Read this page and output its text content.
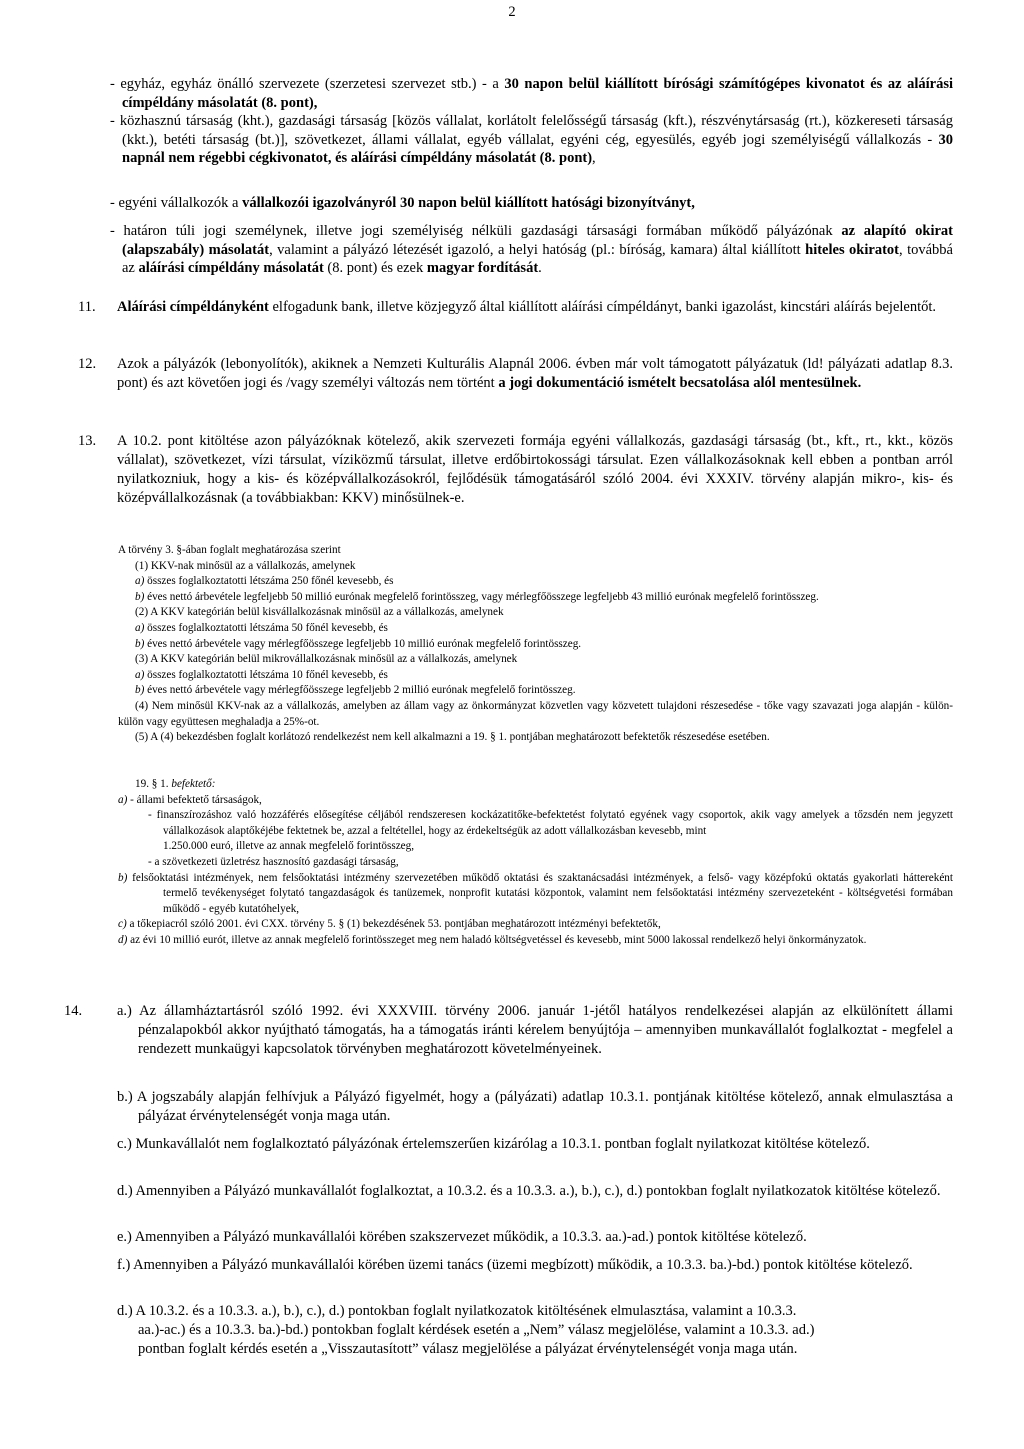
2

- egyház, egyház önálló szervezete (szerzetesi szervezet stb.) - a 30 napon belül kiállított bírósági számítógépes kivonatot és az aláírási címpéldány másolatát (8. pont),

- közhasznú társaság (kht.), gazdasági társaság [közös vállalat, korlátolt felelősségű társaság (kft.), részvénytársaság (rt.), közkereseti társaság (kkt.), betéti társaság (bt.)], szövetkezet, állami vállalat, egyéb vállalat, egyéni cég, egyesülés, egyéb jogi személyiségű vállalkozás - 30 napnál nem régebbi cégkivonatot, és aláírási címpéldány másolatát (8. pont),

- egyéni vállalkozók a vállalkozói igazolványról 30 napon belül kiállított hatósági bizonyítványt,

- határon túli jogi személynek, illetve jogi személyiség nélküli gazdasági társasági formában működő pályázónak az alapító okirat (alapszabály) másolatát, valamint a pályázó létezését igazoló, a helyi hatóság (pl.: bíróság, kamara) által kiállított hiteles okiratot, továbbá az aláírási címpéldány másolatát (8. pont) és ezek magyar fordítását.

11. Aláírási címpéldányként elfogadunk bank, illetve közjegyző által kiállított aláírási címpéldányt, banki igazolást, kincstári aláírás bejelentőt.

12. Azok a pályázók (lebonyolítók), akiknek a Nemzeti Kulturális Alapnál 2006. évben már volt támogatott pályázatuk (ld! pályázati adatlap 8.3. pont) és azt követően jogi és /vagy személyi változás nem történt a jogi dokumentáció ismételt becsatolása alól mentesülnek.

13. A 10.2. pont kitöltése azon pályázóknak kötelező, akik szervezeti formája egyéni vállalkozás, gazdasági társaság (bt., kft., rt., kkt., közös vállalat), szövetkezet, vízi társulat, víziközmű társulat, illetve erdőbirtokossági társulat. Ezen vállalkozásoknak kell ebben a pontban arról nyilatkozniuk, hogy a kis- és középvállalkozásokról, fejlődésük támogatásáról szóló 2004. évi XXXIV. törvény alapján mikro-, kis- és középvállalkozásnak (a továbbiakban: KKV) minősülnek-e.

A törvény 3. §-ában foglalt meghatározása szerint
(1) KKV-nak minősül az a vállalkozás, amelynek
a) összes foglalkoztatotti létszáma 250 főnél kevesebb, és
b) éves nettó árbevétele legfeljebb 50 millió eurónak megfelelő forintösszeg, vagy mérlegfőösszege legfeljebb 43 millió eurónak megfelelő forintösszeg.
(2) A KKV kategórián belül kisvállalkozásnak minősül az a vállalkozás, amelynek
a) összes foglalkoztatotti létszáma 50 főnél kevesebb, és
b) éves nettó árbevétele vagy mérlegfőösszege legfeljebb 10 millió eurónak megfelelő forintösszeg.
(3) A KKV kategórián belül mikrovállalkozásnak minősül az a vállalkozás, amelynek
a) összes foglalkoztatotti létszáma 10 főnél kevesebb, és
b) éves nettó árbevétele vagy mérlegfőösszege legfeljebb 2 millió eurónak megfelelő forintösszeg.
(4) Nem minősül KKV-nak az a vállalkozás, amelyben az állam vagy az önkormányzat közvetlen vagy közvetett tulajdoni részesedése - tőke vagy szavazati joga alapján - külön-külön vagy együttesen meghaladja a 25%-ot.
(5) A (4) bekezdésben foglalt korlátozó rendelkezést nem kell alkalmazni a 19. § 1. pontjában meghatározott befektetők részesedése esetében.
19. § 1. befektető:
a) - állami befektető társaságok,
- finanszírozáshoz való hozzáférés elősegítése céljából rendszeresen kockázatitőke-befektetést folytató egyének vagy csoportok, akik vagy amelyek a tőzsdén nem jegyzett vállalkozások alaptőkéjébe fektetnek be, azzal a feltétellel, hogy az érdekeltségük az adott vállalkozásban kevesebb, mint
1.250.000 euró, illetve az annak megfelelő forintösszeg,
- a szövetkezeti üzletrész hasznosító gazdasági társaság,
b) felsőoktatási intézmények, nem felsőoktatási intézmény szervezetében működő oktatási és szaktanácsadási intézmények, a felső- vagy középfokú oktatás gyakorlati háttereként termelő tevékenységet folytató tangazdaságok és tanüzemek, nonprofit kutatási központok, valamint nem felsőoktatási intézmény szervezeteként - költségvetési formában működő - egyéb kutatóhelyek,
c) a tőkepiacról szóló 2001. évi CXX. törvény 5. § (1) bekezdésének 53. pontjában meghatározott intézményi befektetők,
d) az évi 10 millió eurót, illetve az annak megfelelő forintösszeget meg nem haladó költségvetéssel és kevesebb, mint 5000 lakossal rendelkező helyi önkormányzatok.
14. a.) Az államháztartásról szóló 1992. évi XXXVIII. törvény 2006. január 1-jétől hatályos rendelkezései alapján az elkülönített állami pénzalapokból akkor nyújtható támogatás, ha a támogatás iránti kérelem benyújtója – amennyiben munkavállalót foglalkoztat - megfelel a rendezett munkaügyi kapcsolatok törvényben meghatározott követelményeinek.

b.) A jogszabály alapján felhívjuk a Pályázó figyelmét, hogy a (pályázati) adatlap 10.3.1. pontjának kitöltése kötelező, annak elmulasztása a pályázat érvénytelenségét vonja maga után.

c.) Munkavállalót nem foglalkoztató pályázónak értelemszerűen kizárólag a 10.3.1. pontban foglalt nyilatkozat kitöltése kötelező.

d.) Amennyiben a Pályázó munkavállalót foglalkoztat, a 10.3.2. és a 10.3.3. a.), b.), c.), d.) pontokban foglalt nyilatkozatok kitöltése kötelező.

e.) Amennyiben a Pályázó munkavállalói körében szakszervezet működik, a 10.3.3. aa.)-ad.) pontok kitöltése kötelező.

f.) Amennyiben a Pályázó munkavállalói körében üzemi tanács (üzemi megbízott) működik, a 10.3.3. ba.)-bd.) pontok kitöltése kötelező.

d.) A 10.3.2. és a 10.3.3. a.), b.), c.), d.) pontokban foglalt nyilatkozatok kitöltésének elmulasztása, valamint a 10.3.3.
aa.)-ac.) és a 10.3.3. ba.)-bd.) pontokban foglalt kérdések esetén a „Nem” válasz megjelölése, valamint a 10.3.3. ad.)
pontban foglalt kérdés esetén a „Visszautasított” válasz megjelölése a pályázat érvénytelenségét vonja maga után.
